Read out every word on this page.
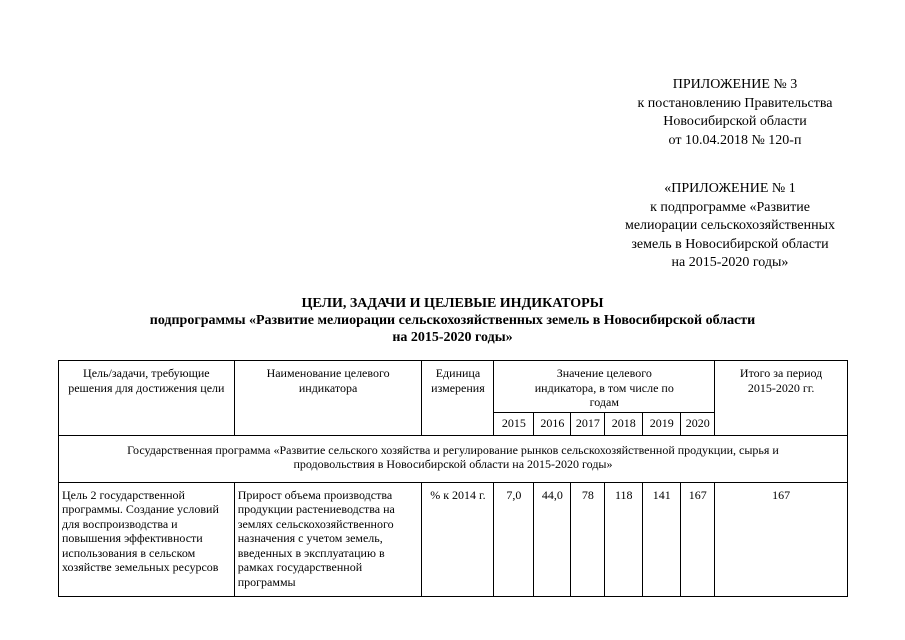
ПРИЛОЖЕНИЕ № 3
к постановлению Правительства
Новосибирской области
от 10.04.2018 № 120-п
«ПРИЛОЖЕНИЕ № 1
к подпрограмме «Развитие
мелиорации сельскохозяйственных
земель в Новосибирской области
на 2015-2020 годы»
ЦЕЛИ, ЗАДАЧИ И ЦЕЛЕВЫЕ ИНДИКАТОРЫ
подпрограммы «Развитие мелиорации сельскохозяйственных земель в Новосибирской области
на 2015-2020 годы»
Цель/задачи, требующие решения для достижения цели	Наименование целевого индикатора	Единица измерения	Значение целевого индикатора, в том числе по годам						Итого за период 2015-2020 гг.
			2015	2016	2017	2018	2019	2020	
Государственная программа «Развитие сельского хозяйства и регулирование рынков сельскохозяйственной продукции, сырья и продовольствия в Новосибирской области на 2015-2020 годы»									
Цель 2 государственной программы. Создание условий для воспроизводства и повышения эффективности использования в сельском хозяйстве земельных ресурсов	Прирост объема производства продукции растениеводства на землях сельскохозяйственного назначения с учетом земель, введенных в эксплуатацию в рамках государственной программы	% к 2014 г.	7,0	44,0	78	118	141	167	167
